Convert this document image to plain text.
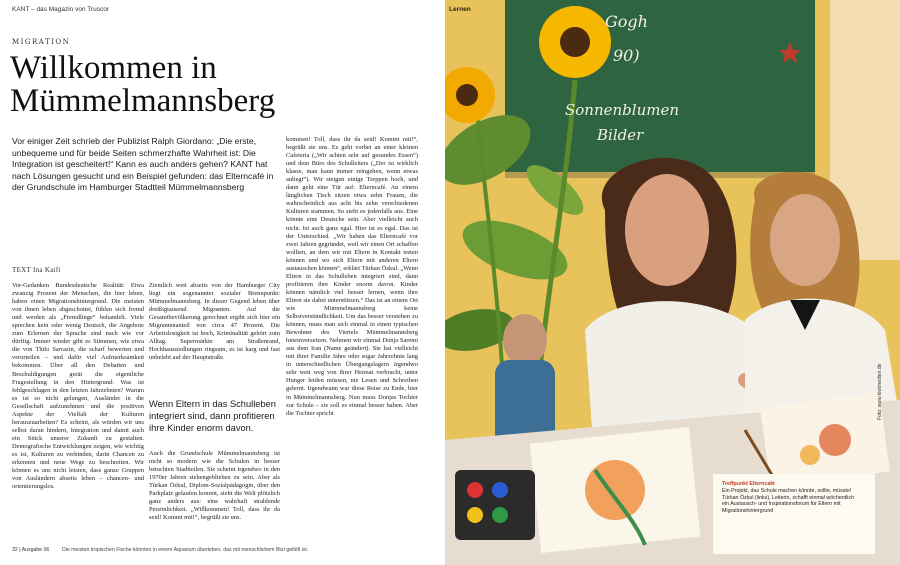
KANT – das Magazin von Truscor
MIGRATION
Willkommen in Mümmelmannsberg

Vor einiger Zeit schrieb der Publizist Ralph Giordano: „Die erste, unbequeme und für beide Seiten schmerzhafte Wahrheit ist: Die Integration ist gescheitert!“ Kann es auch anders gehen? KANT hat nach Lösungen gesucht und ein Beispiel gefunden: das Elterncafé in der Grundschule im Hamburger Stadtteil Mümmelmannsberg

TEXT Ina Kaifi
Vor-Gedanken Bundesdeutsche Realität: Etwa zwanzig Prozent der Menschen, die hier leben, haben einen Migrationshintergrund. Die meisten von ihnen leben abgeschottet, fühlen sich fremd und werden als „Fremdlinge“ behandelt. Viele sprechen kein oder wenig Deutsch, die Angebote zum Erlernen der Sprache sind nach wie vor dürftig. Immer wieder gibt es Stimmen, wie etwa die von Thilo Sarrazin, die scharf bewerten und verurteilen – und dafür viel Aufmerksamkeit bekommen. Über all den Debatten und Beschuldigungen gerät die eigentliche Fragestellung in den Hintergrund: Was ist fehlgeschlagen in den letzten Jahrzehnten? Warum es ist so nicht gelungen, Ausländer in die Gesellschaft aufzunehmen und die positiven Aspekte der Vielfalt der Kulturen herauszuarbeiten? Es scheint, als würden wir uns selbst daran hindern, Integration und damit auch ein Stück unserer Zukunft zu gestalten. Demografische Entwicklungen zeigen, wie wichtig es ist, Kulturen zu verbinden, darin Chancen zu erkennen und neue Wege zu beschreiten. Wir können es uns nicht leisten, dass ganze Gruppen von Ausländern abseits leben – chancen- und orientierungslos.
Ziemlich weit abseits von der Hamburger City liegt ein sogenannter sozialer Brennpunkt: Mümmelmannsberg. In dieser Gegend leben über dreißigtausend Migranten. Auf die Gesamtbevölkerung gerechnet ergibt sich hier ein Migrantenanteil von circa 47 Prozent. Die Arbeitslosigkeit ist hoch, Kriminalität gehört zum Alltag. Supermärkte am Straßenrand, Hochhaussiedlungen ringsum, es ist karg und fast unbelebt auf der Hauptstraße.
Wenn Eltern in das Schulleben integriert sind, dann profitieren ihre Kinder enorm davon.
Auch die Grundschule Mümmelmannsberg ist nicht so modern wie die Schulen in besser betuchten Stadtteilen. Sie scheint irgendwo in den 1970er Jahren stehengeblieben zu sein. Aber als Türkan Özkul, Diplom-Sozialpädagogin, über den Parkplatz gelaufen kommt, sieht die Welt plötzlich ganz anders aus: eine wahrhaft strahlende Persönlichkeit. „Willkommen! Toll, dass ihr da seid! Kommt mit!“, begrüßt sie uns.
kommen! Toll, dass ihr da seid! Kommt mit!“, begrüßt sie uns. Es geht vorbei an einer kleinen Cafeteria („Wir achten sehr auf gesundes Essen“) und dem Büro des Schulleiters („Der ist wirklich klasse, man kann immer reingehen, wenn etwas anliegt“). Wir steigen einige Treppen hoch, und dann geht eine Tür auf: Elterncafé. An einem länglichen Tisch sitzen etwa zehn Frauen, die wahrscheinlich aus acht bis zehn verschiedenen Kulturen stammen. So sieht es jedenfalls aus. Eine könnte eine Deutsche sein. Aber vielleicht auch nicht. Ist auch ganz egal. Hier ist es egal. Das ist der Unterschied. „Wir haben das Elterncafé vor zwei Jahren gegründet, weil wir einen Ort schaffen wollten, an dem wir mit Eltern in Kontakt treten können und wo sich Eltern mit anderen Eltern austauschen können“, erklärt Türkan Özkul. „Wenn Eltern in das Schulleben integriert sind, dann profitieren ihre Kinder enorm davon. Kinder können nämlich viel besser lernen, wenn ihre Eltern sie dabei unterstützen.“ Das ist an einem Ort wie Mümmelmannsberg keine Selbstverständlichkeit. Um das besser verstehen zu können, muss man sich einmal in einen typischen Bewohner des Viertels Mümmelmannsberg hineinversetzen. Nehmen wir einmal Donja Saremi aus dem Iran (Name geändert). Sie hat vielleicht mit ihrer Familie Jahre oder sogar Jahrzehnte lang in unterschiedlichen Übergangslagern irgendwo sehr weit weg von ihrer Heimat verbracht, unter Hunger leiden müssen, nie Lesen und Schreiben gelernt. Irgendwann war diese Reise zu Ende, hier in Mümmelmannsberg. Nun muss Donjas Tochter zur Schule – sie soll es einmal besser haben. Aber die Tochter spricht
32 | Ausgabe 06 Die meisten tropischen Fische könnten in einem Aquarium überleben, das mit menschlichem Blut gefüllt ist.
Lernen
Gogh
90)
Sonnenblumen
Bilder
Foto: www.kiwimedien.de
Treffpunkt Elterncafé
Ein Projekt, das Schule machen könnte, sollte, müsste! Türkan Özkul (links), Leiterin, schafft einmal wöchentlich ein Austausch- und Inspirationsforum für Eltern mit Migrationshintergrund
